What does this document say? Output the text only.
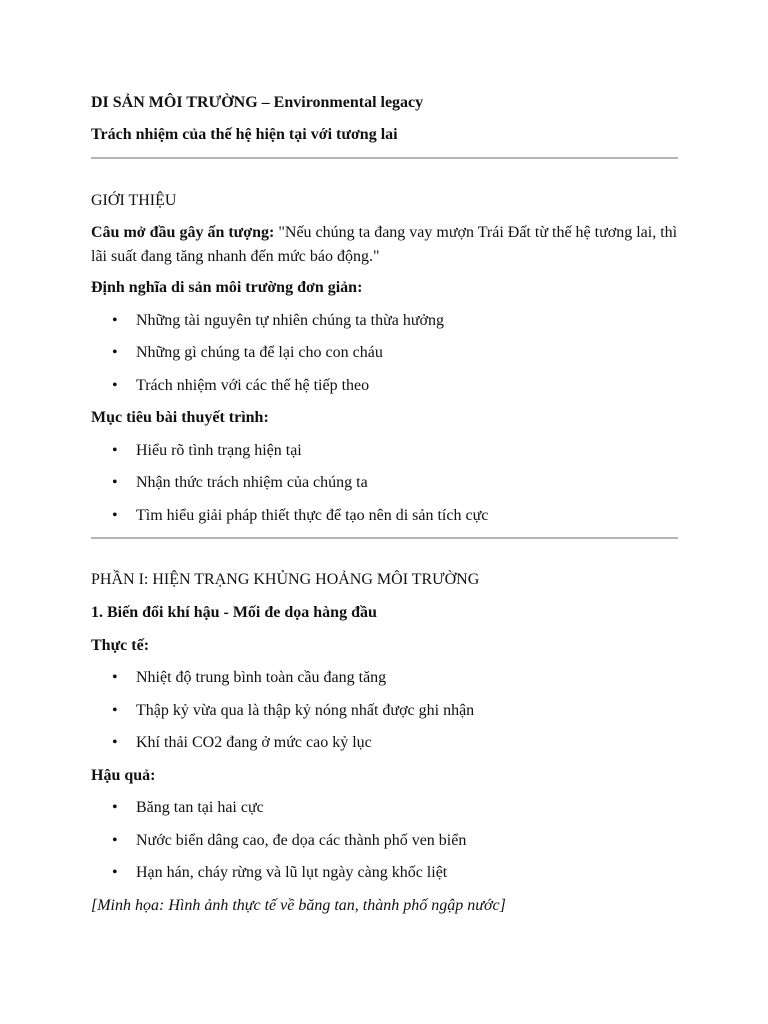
DI SẢN MÔI TRƯỜNG – Environmental legacy
Trách nhiệm của thế hệ hiện tại với tương lai
GIỚI THIỆU
Câu mở đầu gây ấn tượng: "Nếu chúng ta đang vay mượn Trái Đất từ thế hệ tương lai, thì lãi suất đang tăng nhanh đến mức báo động."
Định nghĩa di sản môi trường đơn giản:
• Những tài nguyên tự nhiên chúng ta thừa hưởng
• Những gì chúng ta để lại cho con cháu
• Trách nhiệm với các thế hệ tiếp theo
Mục tiêu bài thuyết trình:
• Hiểu rõ tình trạng hiện tại
• Nhận thức trách nhiệm của chúng ta
• Tìm hiểu giải pháp thiết thực để tạo nên di sản tích cực
PHẦN I: HIỆN TRẠNG KHỦNG HOẢNG MÔI TRƯỜNG
1. Biến đổi khí hậu - Mối đe dọa hàng đầu
Thực tế:
• Nhiệt độ trung bình toàn cầu đang tăng
• Thập kỷ vừa qua là thập kỷ nóng nhất được ghi nhận
• Khí thải CO2 đang ở mức cao kỷ lục
Hậu quả:
• Băng tan tại hai cực
• Nước biển dâng cao, đe dọa các thành phố ven biển
• Hạn hán, cháy rừng và lũ lụt ngày càng khốc liệt
[Minh họa: Hình ảnh thực tế về băng tan, thành phố ngập nước]
